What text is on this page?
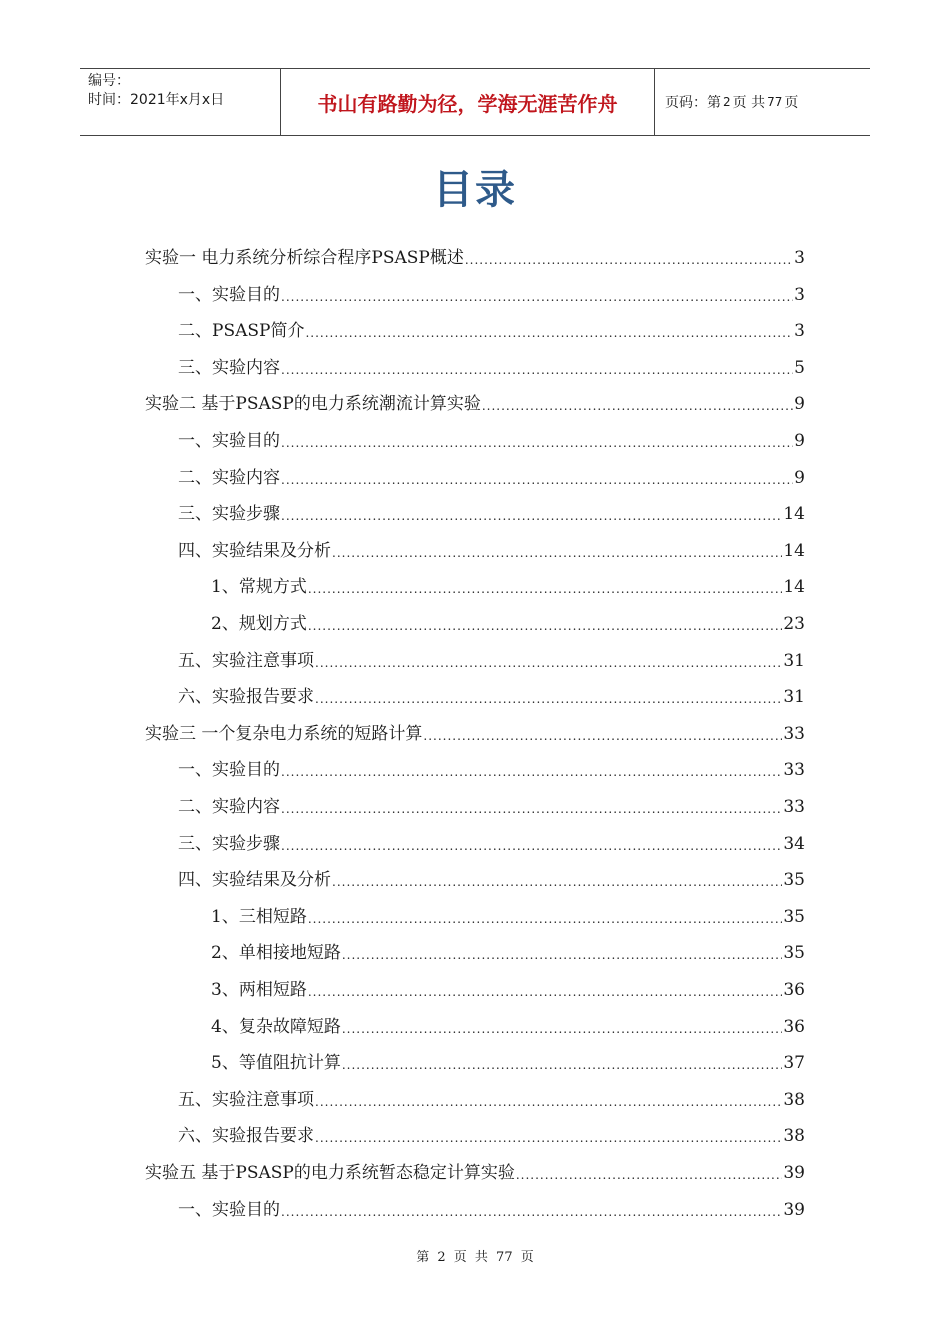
编号：
时间：2021年x月x日	书山有路勤为径，学海无涯苦作舟	页码：第 2 页 共 77 页
目录
实验一 电力系统分析综合程序PSASP概述 .....	3
一、实验目的 .....	3
二、PSASP简介 .....	3
三、实验内容 .....	5
实验二 基于PSASP的电力系统潮流计算实验 .....	9
一、实验目的 .....	9
二、实验内容 .....	9
三、实验步骤 .....	14
四、实验结果及分析 .....	14
1、常规方式 .....	14
2、规划方式 .....	23
五、实验注意事项 .....	31
六、实验报告要求 .....	31
实验三 一个复杂电力系统的短路计算 .....	33
一、实验目的 .....	33
二、实验内容 .....	33
三、实验步骤 .....	34
四、实验结果及分析 .....	35
1、三相短路 .....	35
2、单相接地短路 .....	35
3、两相短路 .....	36
4、复杂故障短路 .....	36
5、等值阻抗计算 .....	37
五、实验注意事项 .....	38
六、实验报告要求 .....	38
实验五 基于PSASP的电力系统暂态稳定计算实验 .....	39
一、实验目的 .....	39
第 2 页 共 77 页
